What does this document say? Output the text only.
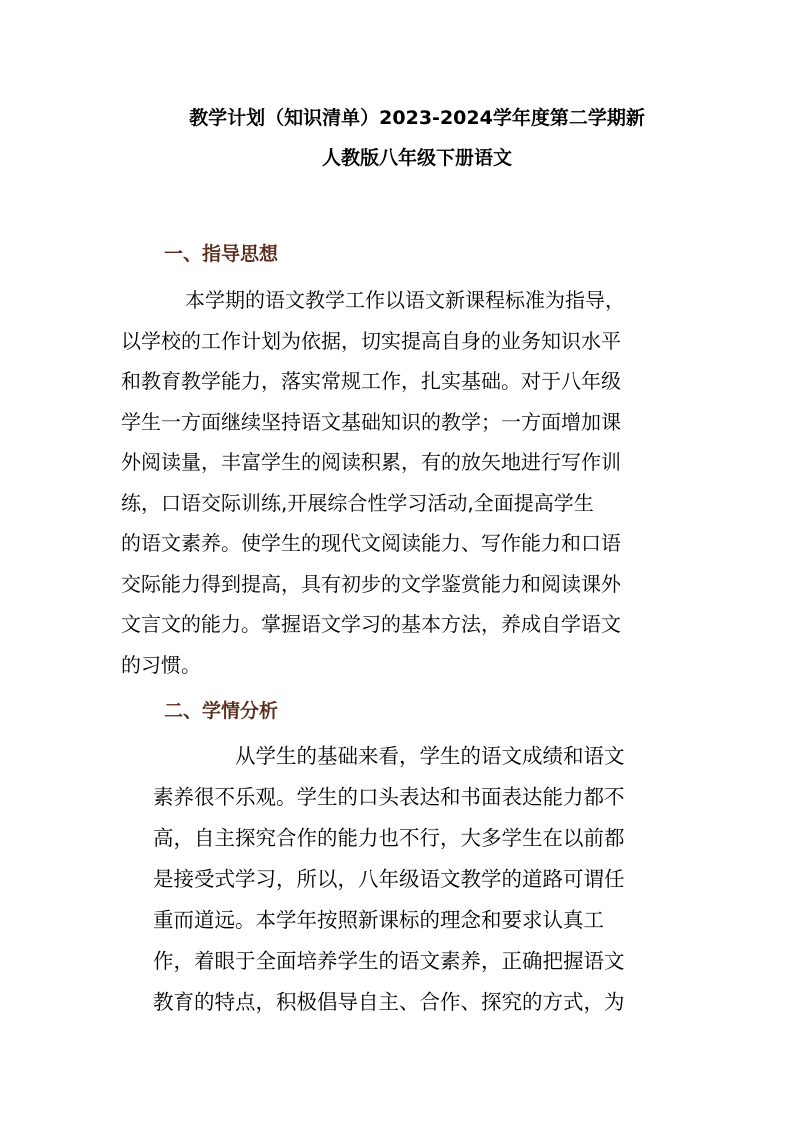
教学计划（知识清单）2023-2024学年度第二学期新
人教版八年级下册语文
一、指导思想
本学期的语文教学工作以语文新课程标准为指导，
以学校的工作计划为依据，切实提高自身的业务知识水平
和教育教学能力，落实常规工作，扎实基础。对于八年级
学生一方面继续坚持语文基础知识的教学；一方面增加课
外阅读量，丰富学生的阅读积累，有的放矢地进行写作训
练，口语交际训练,开展综合性学习活动,全面提高学生
的语文素养。使学生的现代文阅读能力、写作能力和口语
交际能力得到提高，具有初步的文学鉴赏能力和阅读课外
文言文的能力。掌握语文学习的基本方法，养成自学语文
的习惯。
二、学情分析
从学生的基础来看，学生的语文成绩和语文
素养很不乐观。学生的口头表达和书面表达能力都不
高，自主探究合作的能力也不行，大多学生在以前都
是接受式学习，所以，八年级语文教学的道路可谓任
重而道远。本学年按照新课标的理念和要求认真工
作，着眼于全面培养学生的语文素养，正确把握语文
教育的特点，积极倡导自主、合作、探究的方式，为
